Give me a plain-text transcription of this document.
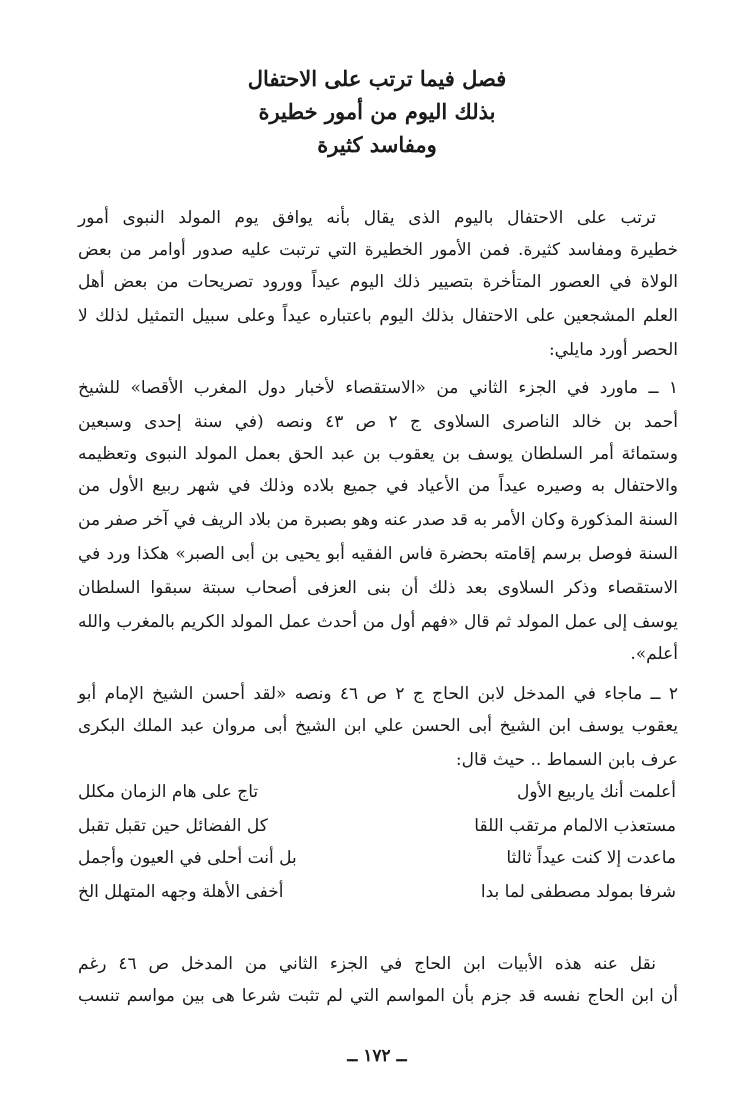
فصل فيما ترتب على الاحتفال
بذلك اليوم من أمور خطيرة
ومفاسد كثيرة
ترتب على الاحتفال باليوم الذى يقال بأنه يوافق يوم المولد النبوى أمور
خطيرة ومفاسد كثيرة. فمن الأمور الخطيرة التي ترتبت عليه صدور أوامر من بعض
الولاة في العصور المتأخرة بتصيير ذلك اليوم عيداً وورود تصريحات من بعض أهل
العلم المشجعين على الاحتفال بذلك اليوم باعتباره عيداً وعلى سبيل التمثيل لذلك لا
الحصر أورد مايلي:
١ ــ ماورد في الجزء الثاني من «الاستقصاء لأخبار دول المغرب الأقصا» للشيخ
أحمد بن خالد الناصرى السلاوى ج ٢ ص ٤٣ ونصه (في سنة إحدى وسبعين
وستمائة أمر السلطان يوسف بن يعقوب بن عبد الحق بعمل المولد النبوى وتعظيمه
والاحتفال به وصيره عيداً من الأعياد في جميع بلاده وذلك في شهر ربيع الأول من
السنة المذكورة وكان الأمر به قد صدر عنه وهو بصبرة من بلاد الريف في آخر صفر من
السنة فوصل برسم إقامته بحضرة فاس الفقيه أبو يحيى بن أبى الصبر» هكذا ورد في
الاستقصاء وذكر السلاوى بعد ذلك أن بنى العزفى أصحاب سبتة سبقوا السلطان
يوسف إلى عمل المولد ثم قال «فهم أول من أحدث عمل المولد الكريم بالمغرب والله
أعلم».
٢ ــ ماجاء في المدخل لابن الحاج ج ٢ ص ٤٦ ونصه «لقد أحسن الشيخ الإمام أبو
يعقوب يوسف ابن الشيخ أبى الحسن علي ابن الشيخ أبى مروان عبد الملك البكرى
عرف بابن السماط .. حيث قال:
أعلمت أنك ياربيع الأول
تاج على هام الزمان مكلل
مستعذب الالمام مرتقب اللقا
كل الفضائل حين تقبل تقبل
ماعدت إلا كنت عيداً ثالثا
بل أنت أحلى في العيون وأجمل
شرفا بمولد مصطفى لما بدا
أخفى الأهلة وجهه المتهلل الخ
نقل عنه هذه الأبيات ابن الحاج في الجزء الثاني من المدخل ص ٤٦ رغم
أن ابن الحاج نفسه قد جزم بأن المواسم التي لم تثبت شرعا هى بين مواسم تنسب
ــ ١٧٢ ــ
